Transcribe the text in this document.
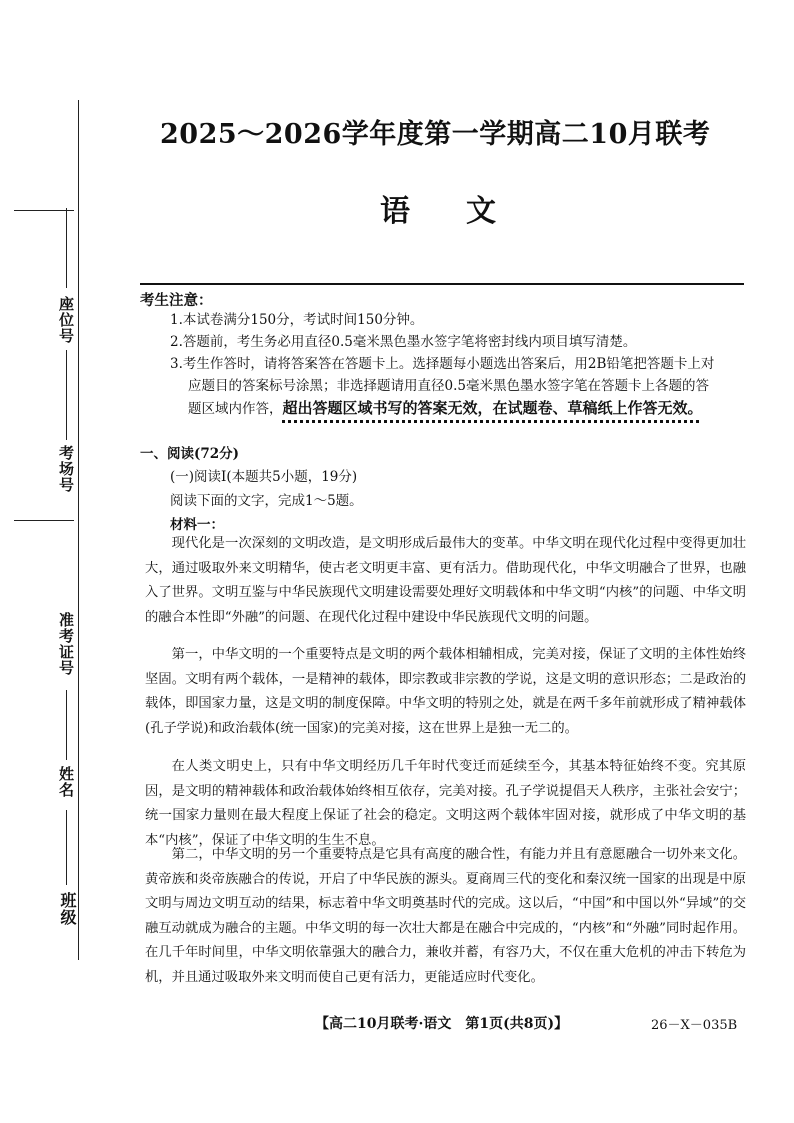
座位号
考场号
准考证号
姓名
班级
2025～2026学年度第一学期高二10月联考
语文
考生注意：
1.本试卷满分150分，考试时间150分钟。
2.答题前，考生务必用直径0.5毫米黑色墨水签字笔将密封线内项目填写清楚。
3.考生作答时，请将答案答在答题卡上。选择题每小题选出答案后，用2B铅笔把答题卡上对
应题目的答案标号涂黑；非选择题请用直径0.5毫米黑色墨水签字笔在答题卡上各题的答
题区域内作答，超出答题区域书写的答案无效，在试题卷、草稿纸上作答无效。
一、阅读(72分)
(一)阅读Ⅰ(本题共5小题，19分)
阅读下面的文字，完成1～5题。
材料一：

现代化是一次深刻的文明改造，是文明形成后最伟大的变革。中华文明在现代化过程中变得更加壮大，通过吸取外来文明精华，使古老文明更丰富、更有活力。借助现代化，中华文明融合了世界，也融入了世界。文明互鉴与中华民族现代文明建设需要处理好文明载体和中华文明“内核”的问题、中华文明的融合本性即“外融”的问题、在现代化过程中建设中华民族现代文明的问题。

第一，中华文明的一个重要特点是文明的两个载体相辅相成，完美对接，保证了文明的主体性始终坚固。文明有两个载体，一是精神的载体，即宗教或非宗教的学说，这是文明的意识形态；二是政治的载体，即国家力量，这是文明的制度保障。中华文明的特别之处，就是在两千多年前就形成了精神载体(孔子学说)和政治载体(统一国家)的完美对接，这在世界上是独一无二的。

在人类文明史上，只有中华文明经历几千年时代变迁而延续至今，其基本特征始终不变。究其原因，是文明的精神载体和政治载体始终相互依存，完美对接。孔子学说提倡天人秩序，主张社会安宁；统一国家力量则在最大程度上保证了社会的稳定。文明这两个载体牢固对接，就形成了中华文明的基本“内核”，保证了中华文明的生生不息。

第二，中华文明的另一个重要特点是它具有高度的融合性，有能力并且有意愿融合一切外来文化。黄帝族和炎帝族融合的传说，开启了中华民族的源头。夏商周三代的变化和秦汉统一国家的出现是中原文明与周边文明互动的结果，标志着中华文明奠基时代的完成。这以后，“中国”和中国以外“异域”的交融互动就成为融合的主题。中华文明的每一次壮大都是在融合中完成的，“内核”和“外融”同时起作用。在几千年时间里，中华文明依靠强大的融合力，兼收并蓄，有容乃大，不仅在重大危机的冲击下转危为机，并且通过吸取外来文明而使自己更有活力，更能适应时代变化。

【高二10月联考·语文　第1页(共8页)】	26－X－035B
